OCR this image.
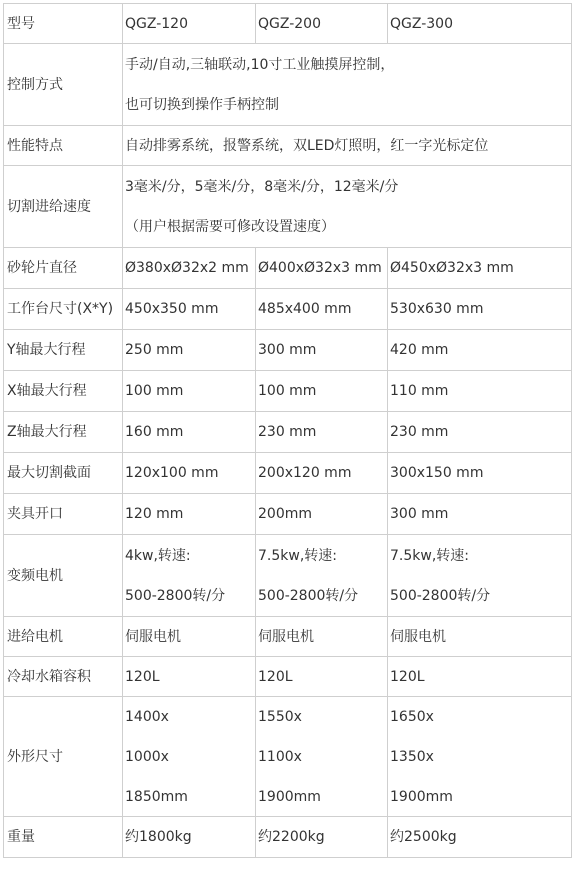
型号	QGZ-120	QGZ-200	QGZ-300

控制方式	手动/自动,三轴联动,10寸工业触摸屏控制，
也可切换到操作手柄控制		

性能特点	自动排雾系统，报警系统，双LED灯照明，红一字光标定位		

切割进给速度	3毫米/分，5毫米/分，8毫米/分，12毫米/分
（用户根据需要可修改设置速度）		

砂轮片直径	Ø380xØ32x2 mm	Ø400xØ32x3 mm	Ø450xØ32x3 mm

工作台尺寸(X*Y)	450x350 mm	485x400 mm	530x630 mm

Y轴最大行程	250 mm	300 mm	420 mm

X轴最大行程	100 mm	100 mm	110 mm

Z轴最大行程	160 mm	230 mm	230 mm

最大切割截面	120x100 mm	200x120 mm	300x150 mm

夹具开口	120 mm	200mm	300 mm

变频电机	4kw,转速:
500-2800转/分	7.5kw,转速:
500-2800转/分	7.5kw,转速:
500-2800转/分

进给电机	伺服电机	伺服电机	伺服电机

冷却水箱容积	120L	120L	120L

外形尺寸	1400x
1000x
1850mm	1550x
1100x
1900mm	1650x
1350x
1900mm

重量	约1800kg	约2200kg	约2500kg
